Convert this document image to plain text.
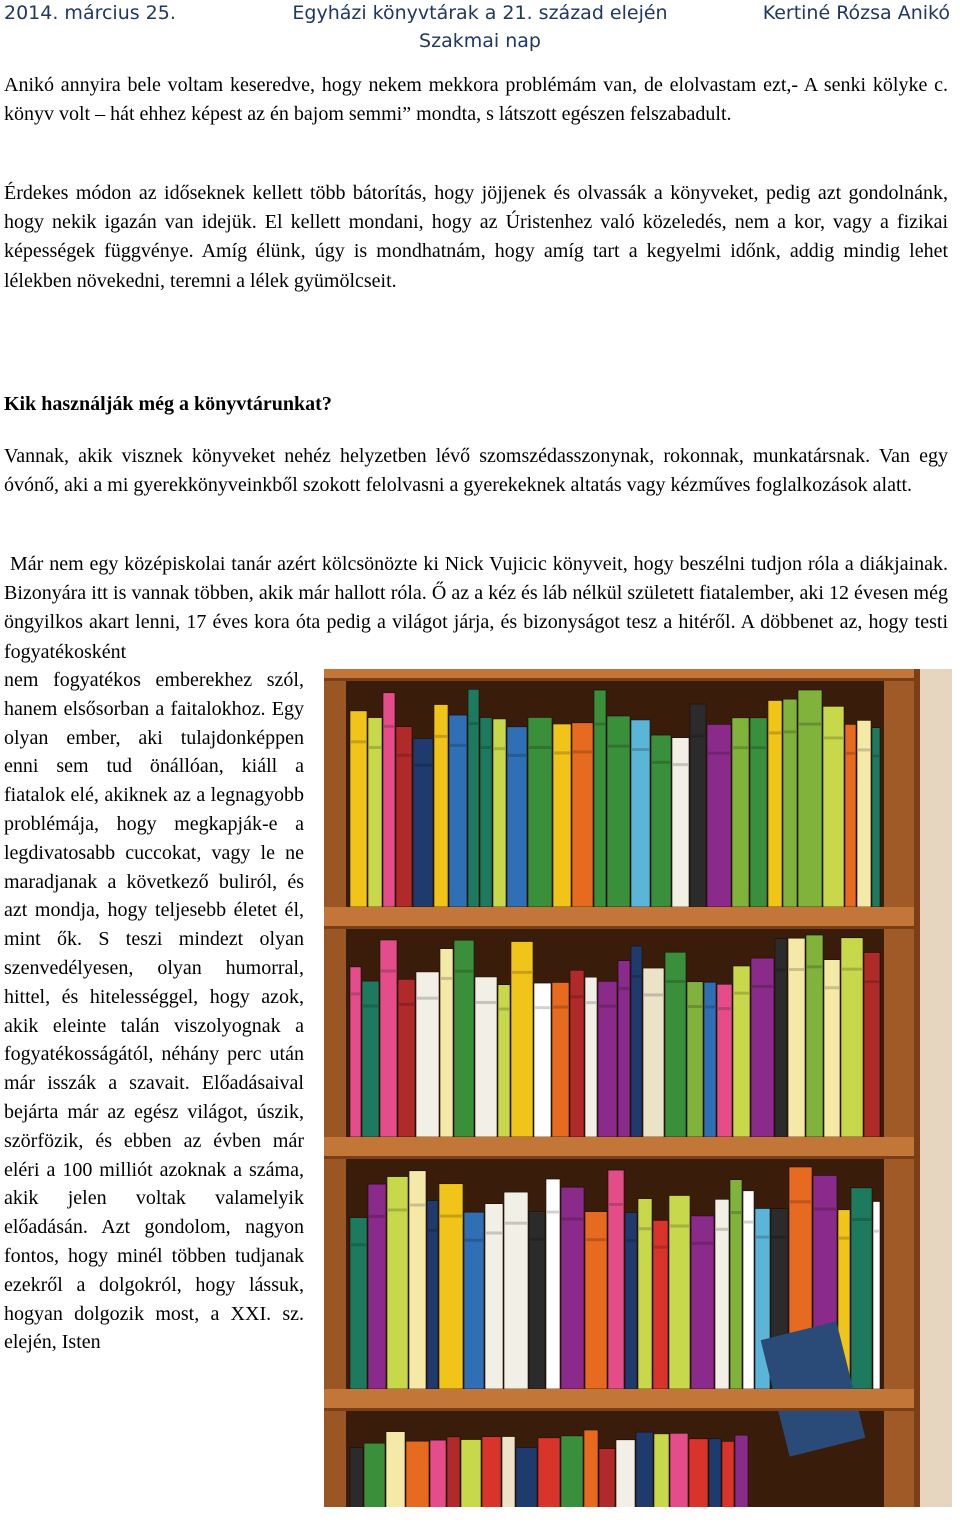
2014. március 25.	Egyházi könyvtárak a 21. század elején	Kertiné Rózsa Anikó
Szakmai nap

Anikó annyira bele voltam keseredve, hogy nekem mekkora problémám van, de elolvastam ezt,- A senki kölyke c. könyv volt – hát ehhez képest az én bajom semmi” mondta, s látszott egészen felszabadult.

Érdekes módon az időseknek kellett több bátorítás, hogy jöjjenek és olvassák a könyveket, pedig azt gondolnánk, hogy nekik igazán van idejük. El kellett mondani, hogy az Úristenhez való közeledés, nem a kor, vagy a fizikai képességek függvénye. Amíg élünk, úgy is mondhatnám, hogy amíg tart a kegyelmi időnk, addig mindig lehet lélekben növekedni, teremni a lélek gyümölcseit.

Kik használják még a könyvtárunkat?

Vannak, akik visznek könyveket nehéz helyzetben lévő szomszédasszonynak, rokonnak, munkatársnak. Van egy óvónő, aki a mi gyerekkönyveinkből szokott felolvasni a gyerekeknek altatás vagy kézműves foglalkozások alatt.

Már nem egy középiskolai tanár azért kölcsönözte ki Nick Vujicic könyveit, hogy beszélni tudjon róla a diákjainak. Bizonyára itt is vannak többen, akik már hallott róla. Ő az a kéz és láb nélkül született fiatalember, aki 12 évesen még öngyilkos akart lenni, 17 éves kora óta pedig a világot járja, és bizonyságot tesz a hitéről. A döbbenet az, hogy testi fogyatékosként

nem fogyatékos emberekhez szól, hanem elsősorban a faitalokhoz. Egy olyan ember, aki tulajdonképpen enni sem tud önállóan, kiáll a fiatalok elé, akiknek az a legnagyobb problémája, hogy megkapják-e a legdivatosabb cuccokat, vagy le ne maradjanak a következő buliról, és azt mondja, hogy teljesebb életet él, mint ők. S teszi mindezt olyan szenvedélyesen, olyan humorral, hittel, és hitelességgel, hogy azok, akik eleinte talán viszolyognak a fogyatékosságától, néhány perc után már isszák a szavait. Előadásaival bejárta már az egész világot, úszik, szörfözik, és ebben az évben már eléri a 100 milliót azoknak a száma, akik jelen voltak valamelyik előadásán. Azt gondolom, nagyon fontos, hogy minél többen tudjanak ezekről a dolgokról, hogy lássuk, hogyan dolgozik most, a XXI. sz. elején, Isten
